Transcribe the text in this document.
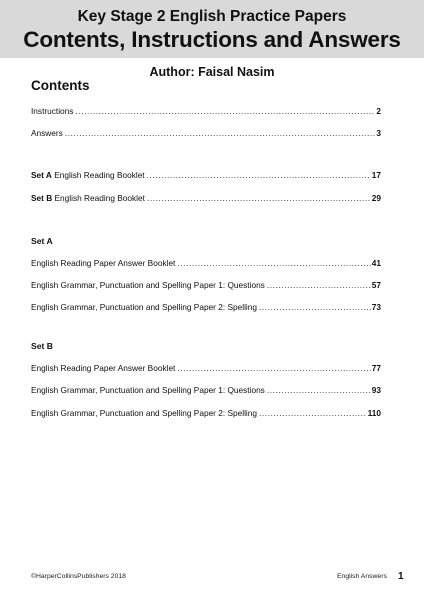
Key Stage 2 English Practice Papers
Contents, Instructions and Answers
Author: Faisal Nasim
Contents
Instructions .....	2
Answers .....	3
Set A English Reading Booklet .....	17
Set B English Reading Booklet .....	29
Set A
English Reading Paper Answer Booklet .....	41
English Grammar, Punctuation and Spelling Paper 1: Questions .....	57
English Grammar, Punctuation and Spelling Paper 2: Spelling .....	73
Set B
English Reading Paper Answer Booklet .....	77
English Grammar, Punctuation and Spelling Paper 1: Questions .....	93
English Grammar, Punctuation and Spelling Paper 2: Spelling .....	110
©HarperCollinsPublishers 2018	English Answers 1
